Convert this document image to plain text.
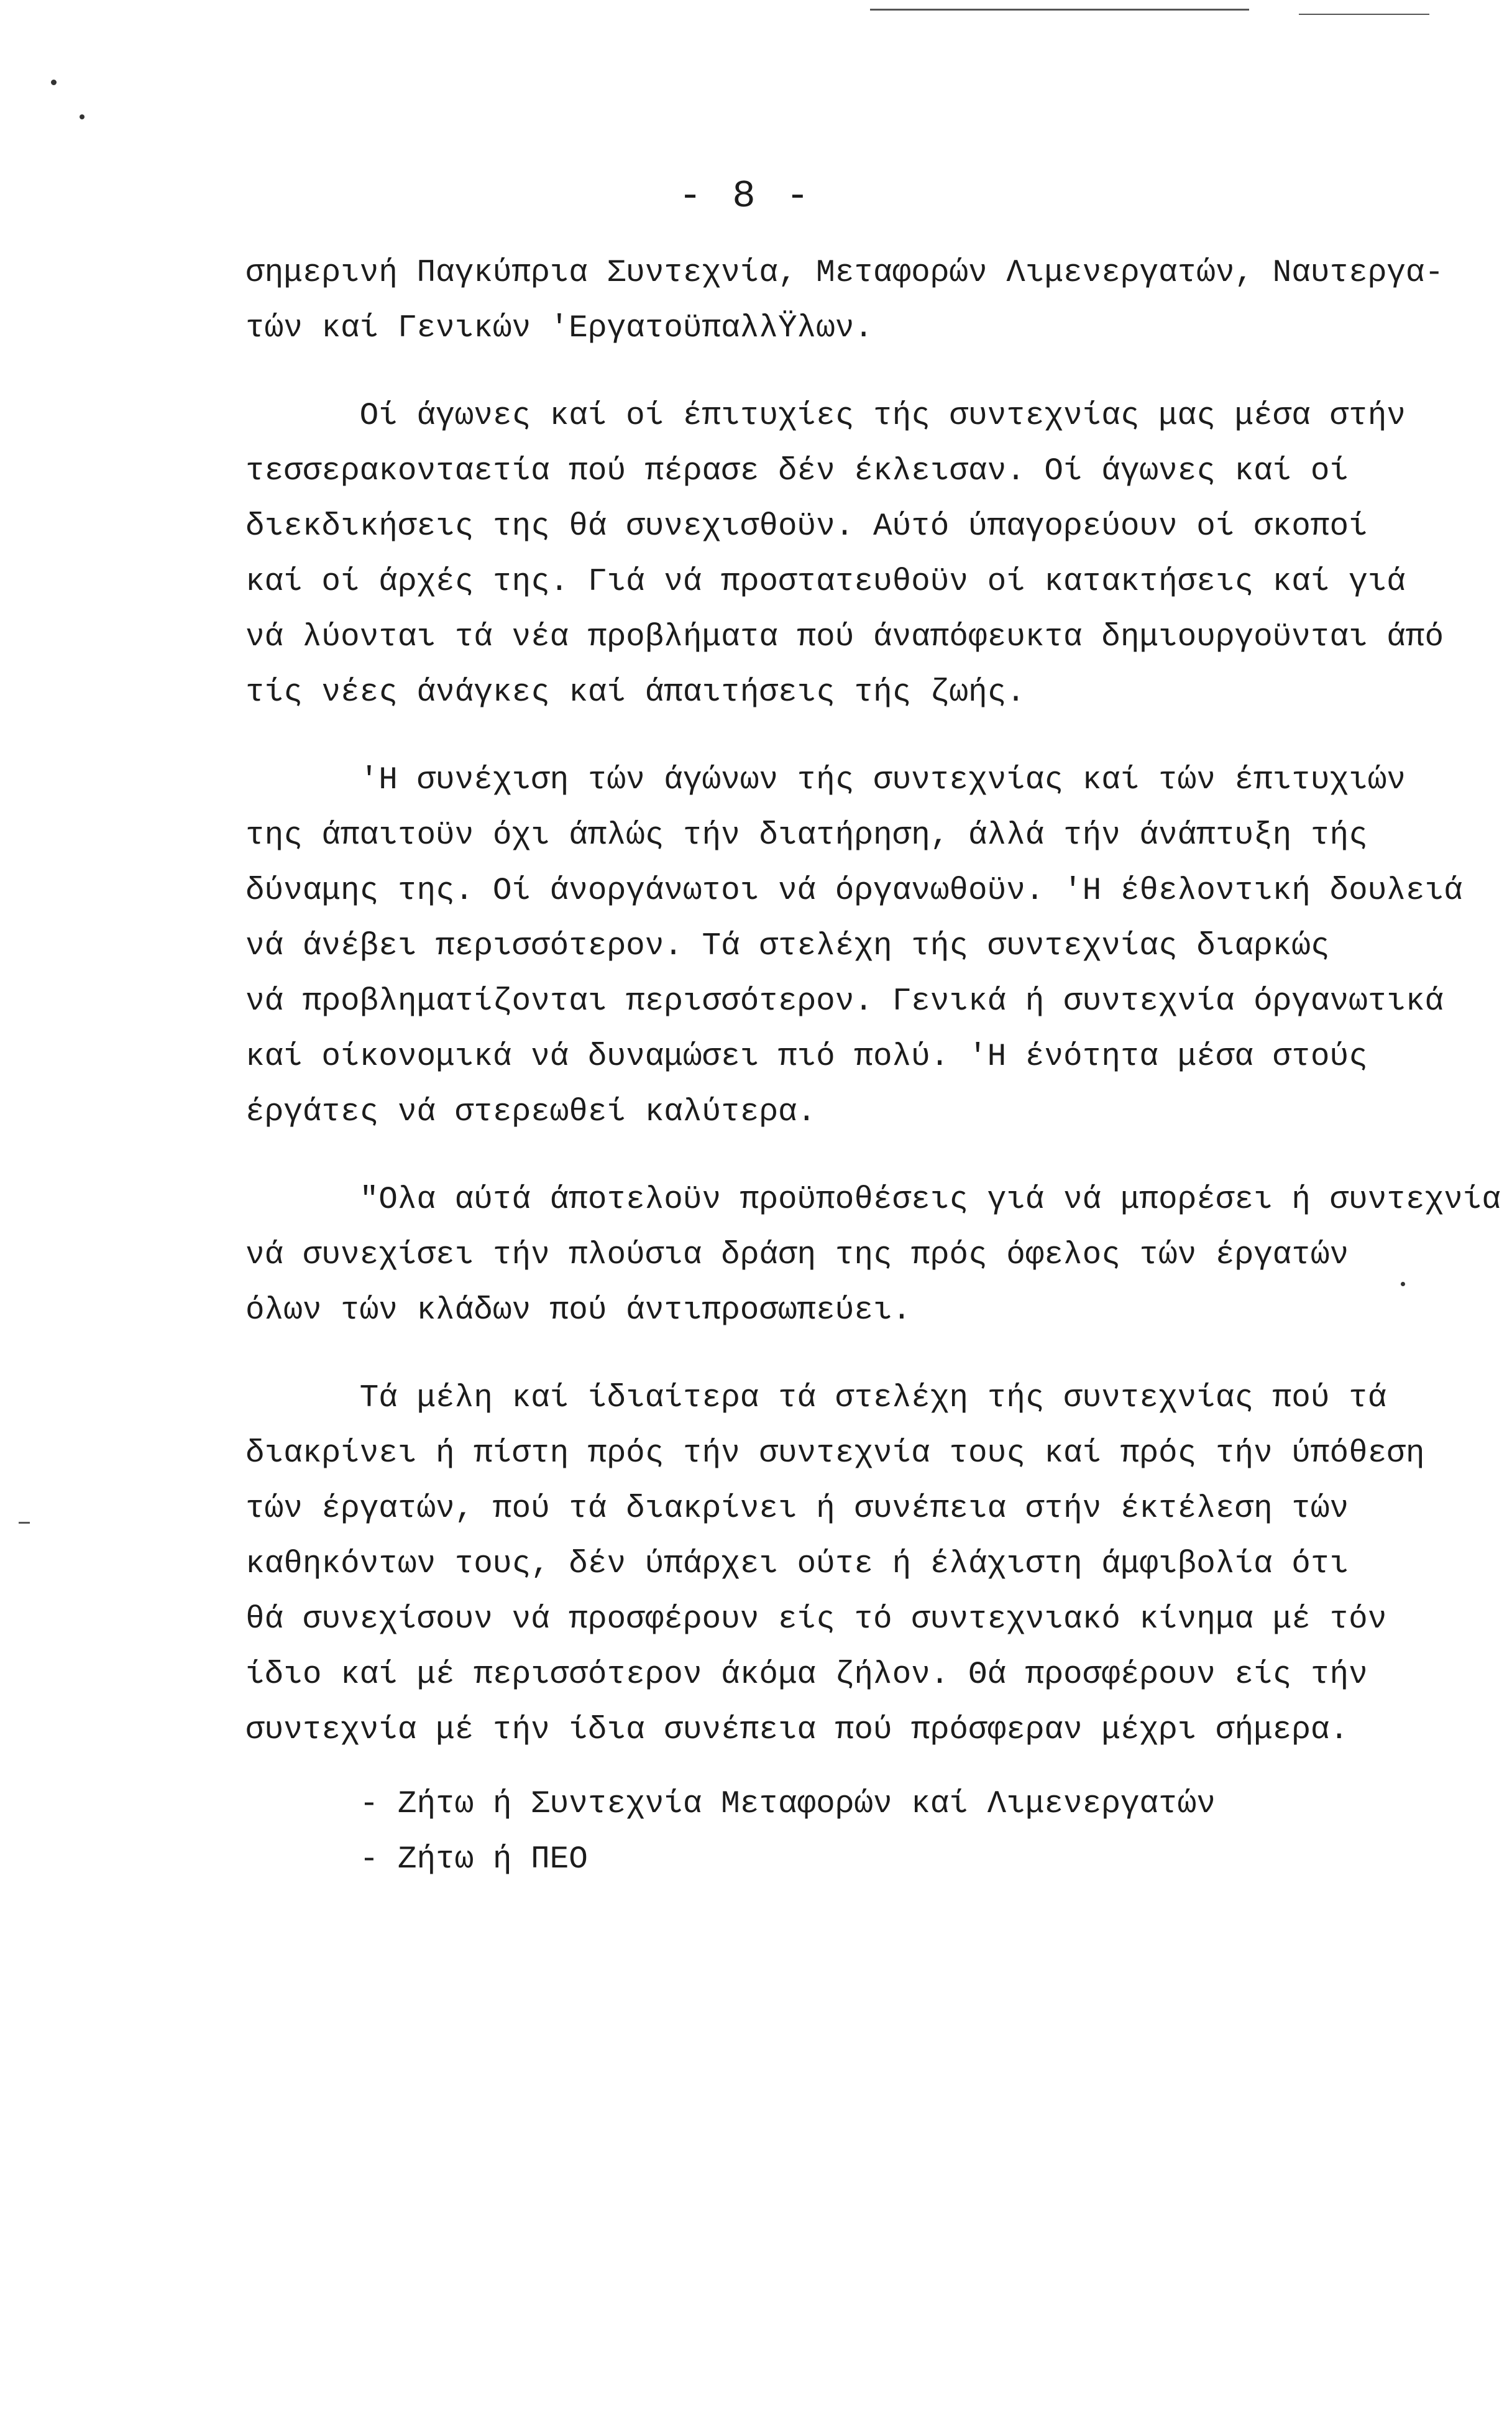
- 8 -
σημερινή Παγκύπρια Συντεχνία, Μεταφορών Λιμενεργατών, Ναυτεργα-
τών καί Γενικών 'ΕργατοϋπαλλΫλων.
Οί άγωνες καί οί έπιτυχίες τής συντεχνίας μας μέσα στήν
τεσσερακονταετία πού πέρασε δέν έκλεισαν. Οί άγωνες καί οί
διεκδικήσεις της θά συνεχισθοϋν. Αύτό ύπαγορεύουν οί σκοποί
καί οί άρχές της. Γιά νά προστατευθοϋν οί κατακτήσεις καί γιά
νά λύονται τά νέα προβλήματα πού άναπόφευκτα δημιουργοϋνται άπό
τίς νέες άνάγκες καί άπαιτήσεις τής ζωής.
'Η συνέχιση τών άγώνων τής συντεχνίας καί τών έπιτυχιών
της άπαιτοϋν όχι άπλώς τήν διατήρηση, άλλά τήν άνάπτυξη τής
δύναμης της. Οί άνοργάνωτοι νά όργανωθοϋν. 'Η έθελοντική δουλειά
νά άνέβει περισσότερον. Τά στελέχη τής συντεχνίας διαρκώς
νά προβληματίζονται περισσότερον. Γενικά ή συντεχνία όργανωτικά
καί οίκονομικά νά δυναμώσει πιό πολύ. 'Η ένότητα μέσα στούς
έργάτες νά στερεωθεί καλύτερα.
"Ολα αύτά άποτελοϋν προϋποθέσεις γιά νά μπορέσει ή συντεχνία
νά συνεχίσει τήν πλούσια δράση της πρός όφελος τών έργατών
όλων τών κλάδων πού άντιπροσωπεύει.
Τά μέλη καί ίδιαίτερα τά στελέχη τής συντεχνίας πού τά
διακρίνει ή πίστη πρός τήν συντεχνία τους καί πρός τήν ύπόθεση
τών έργατών, πού τά διακρίνει ή συνέπεια στήν έκτέλεση τών
καθηκόντων τους, δέν ύπάρχει ούτε ή έλάχιστη άμφιβολία ότι
θά συνεχίσουν νά προσφέρουν είς τό συντεχνιακό κίνημα μέ τόν
ίδιο καί μέ περισσότερον άκόμα ζήλον. Θά προσφέρουν είς τήν
συντεχνία μέ τήν ίδια συνέπεια πού πρόσφεραν μέχρι σήμερα.
- Ζήτω ή Συντεχνία Μεταφορών καί Λιμενεργατών
- Ζήτω ή ΠΕΟ
